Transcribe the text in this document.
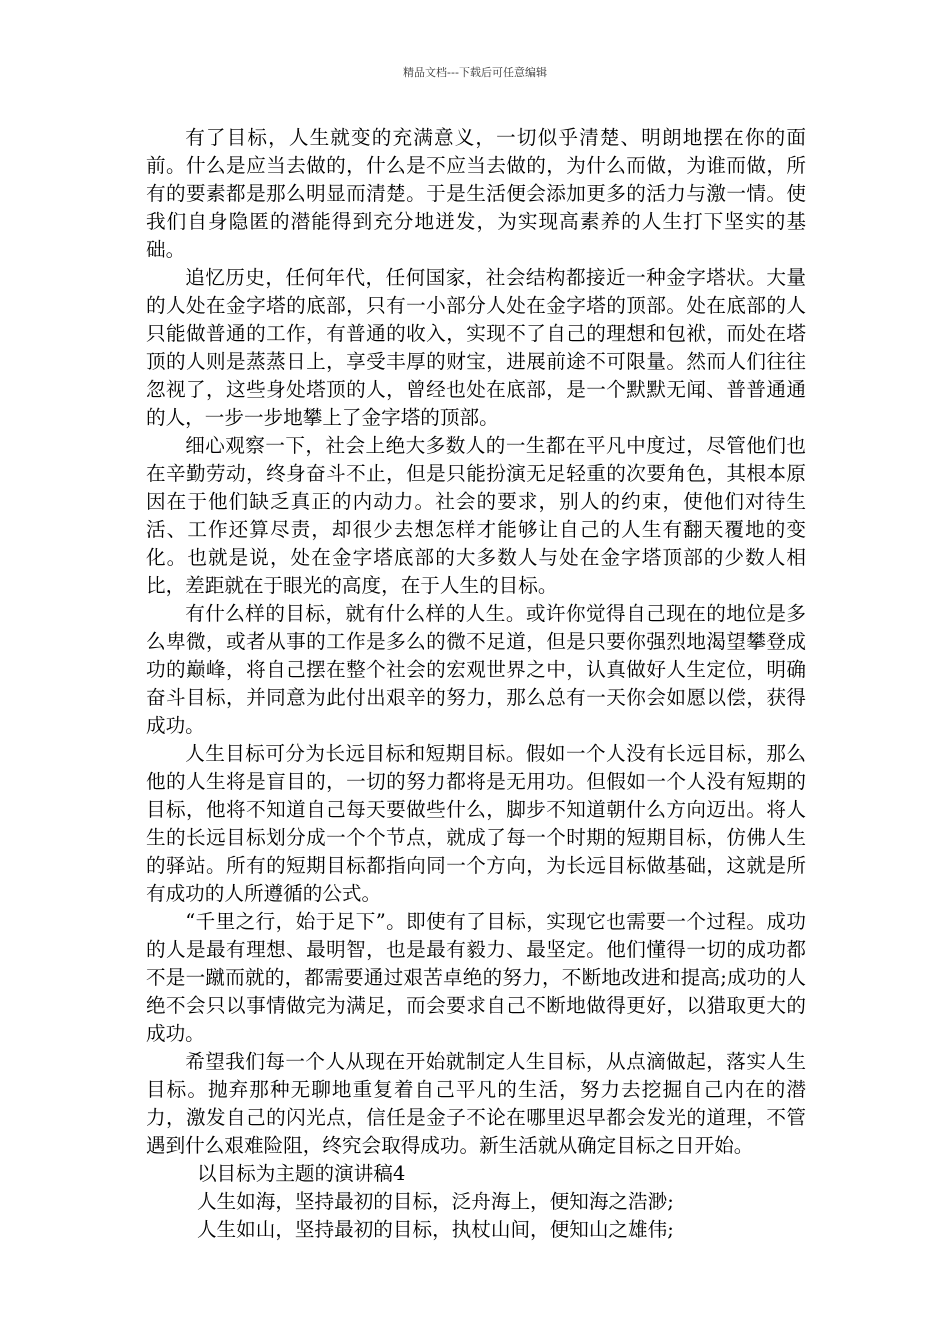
精品文档---下载后可任意编辑

有了目标，人生就变的充满意义，一切似乎清楚、明朗地摆在你的面前。什么是应当去做的，什么是不应当去做的，为什么而做，为谁而做，所有的要素都是那么明显而清楚。于是生活便会添加更多的活力与激一情。使我们自身隐匿的潜能得到充分地迸发，为实现高素养的人生打下坚实的基础。

追忆历史，任何年代，任何国家，社会结构都接近一种金字塔状。大量的人处在金字塔的底部，只有一小部分人处在金字塔的顶部。处在底部的人只能做普通的工作，有普通的收入，实现不了自己的理想和包袱，而处在塔顶的人则是蒸蒸日上，享受丰厚的财宝，进展前途不可限量。然而人们往往忽视了，这些身处塔顶的人，曾经也处在底部，是一个默默无闻、普普通通的人，一步一步地攀上了金字塔的顶部。

细心观察一下，社会上绝大多数人的一生都在平凡中度过，尽管他们也在辛勤劳动，终身奋斗不止，但是只能扮演无足轻重的次要角色，其根本原因在于他们缺乏真正的内动力。社会的要求，别人的约束，使他们对待生活、工作还算尽责，却很少去想怎样才能够让自己的人生有翻天覆地的变化。也就是说，处在金字塔底部的大多数人与处在金字塔顶部的少数人相比，差距就在于眼光的高度，在于人生的目标。

有什么样的目标，就有什么样的人生。或许你觉得自己现在的地位是多么卑微，或者从事的工作是多么的微不足道，但是只要你强烈地渴望攀登成功的巅峰，将自己摆在整个社会的宏观世界之中，认真做好人生定位，明确奋斗目标，并同意为此付出艰辛的努力，那么总有一天你会如愿以偿，获得成功。

人生目标可分为长远目标和短期目标。假如一个人没有长远目标，那么他的人生将是盲目的，一切的努力都将是无用功。但假如一个人没有短期的目标，他将不知道自己每天要做些什么，脚步不知道朝什么方向迈出。将人生的长远目标划分成一个个节点，就成了每一个时期的短期目标，仿佛人生的驿站。所有的短期目标都指向同一个方向，为长远目标做基础，这就是所有成功的人所遵循的公式。

“千里之行，始于足下”。即使有了目标，实现它也需要一个过程。成功的人是最有理想、最明智，也是最有毅力、最坚定。他们懂得一切的成功都不是一蹴而就的，都需要通过艰苦卓绝的努力，不断地改进和提高;成功的人绝不会只以事情做完为满足，而会要求自己不断地做得更好，以猎取更大的成功。

希望我们每一个人从现在开始就制定人生目标，从点滴做起，落实人生目标。抛弃那种无聊地重复着自己平凡的生活，努力去挖掘自己内在的潜力，激发自己的闪光点，信任是金子不论在哪里迟早都会发光的道理，不管遇到什么艰难险阻，终究会取得成功。新生活就从确定目标之日开始。

以目标为主题的演讲稿4

人生如海，坚持最初的目标，泛舟海上，便知海之浩渺;

人生如山，坚持最初的目标，执杖山间，便知山之雄伟;
